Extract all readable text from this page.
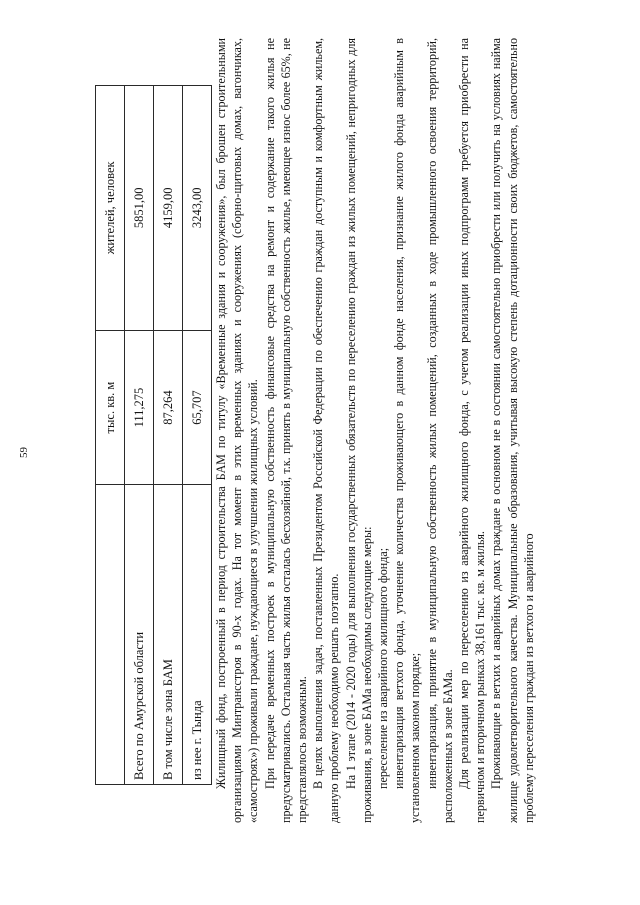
59
	тыс. кв. м	жителей, человек
Всего по Амурской области	111,275	5851,00
В том числе зона БАМ	87,264	4159,00
из нее г. Тында	65,707	3243,00 Жилищный фонд, построенный в период строительства БАМ по титулу «Временные здания и сооружения», был брошен строительными организациями Минтрансстроя в 90-х годах. На тот момент в этих временных зданиях и сооружениях (сборно-щитовых домах, вагончиках, «самостроях») проживали граждане, нуждающиеся в улучшении жилищных условий. При передаче временных построек в муниципальную собственность финансовые средства на ремонт и содержание такого жилья не предусматривались. Остальная часть жилья осталась бесхозяйной, т.к. принять в муниципальную собственность жилье, имеющее износ более 65%, не представлялось возможным. В целях выполнения задач, поставленных Президентом Российской Федерации по обеспечению граждан доступным и комфортным жильем, данную проблему необходимо решать поэтапно. На 1 этапе (2014 - 2020 годы) для выполнения государственных обязательств по переселению граждан из жилых помещений, непригодных для проживания, в зоне БАМа необходимы следующие меры: переселение из аварийного жилищного фонда; инвентаризация ветхого фонда, уточнение количества проживающего в данном фонде населения, признание жилого фонда аварийным в установленном законом порядке; инвентаризация, принятие в муниципальную собственность жилых помещений, созданных в ходе промышленного освоения территорий, расположенных в зоне БАМа. Для реализации мер по переселению из аварийного жилищного фонда, с учетом реализации иных подпрограмм требуется приобрести на первичном и вторичном рынках 38,161 тыс. кв. м жилья. Проживающие в ветхих и аварийных домах граждане в основном не в состоянии самостоятельно приобрести или получить на условиях найма жилище удовлетворительного качества. Муниципальные образования, учитывая высокую степень дотационности своих бюджетов, самостоятельно проблему переселения граждан из ветхого и аварийного
